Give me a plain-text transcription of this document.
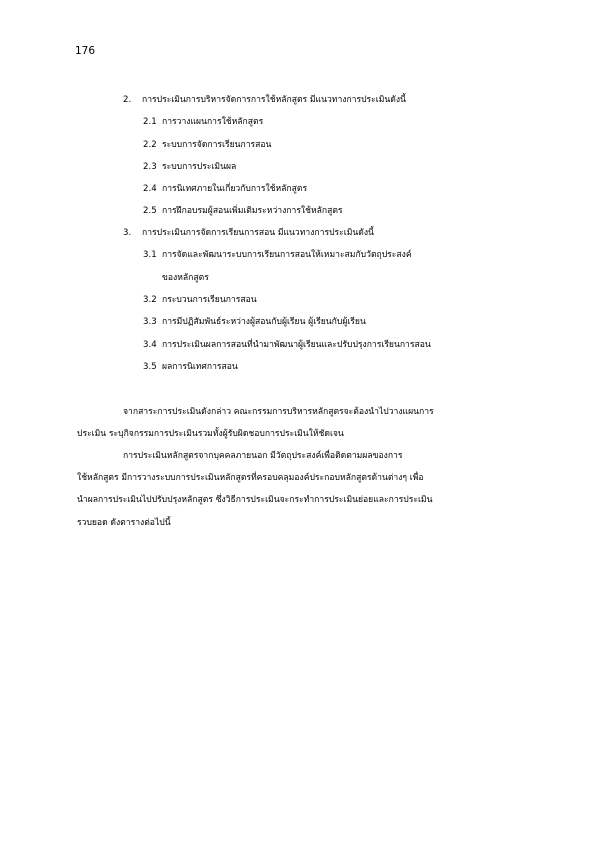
176
2. การประเมินการบริหารจัดการการใช้หลักสูตร มีแนวทางการประเมินดังนี้
2.1 การวางแผนการใช้หลักสูตร
2.2 ระบบการจัดการเรียนการสอน
2.3 ระบบการประเมินผล
2.4 การนิเทศภายในเกี่ยวกับการใช้หลักสูตร
2.5 การฝึกอบรมผู้สอนเพิ่มเติมระหว่างการใช้หลักสูตร
3. การประเมินการจัดการเรียนการสอน มีแนวทางการประเมินดังนี้
3.1 การจัดและพัฒนาระบบการเรียนการสอนให้เหมาะสมกับวัตถุประสงค์
ของหลักสูตร
3.2 กระบวนการเรียนการสอน
3.3 การมีปฏิสัมพันธ์ระหว่างผู้สอนกับผู้เรียน ผู้เรียนกับผู้เรียน
3.4 การประเมินผลการสอนที่นำมาพัฒนาผู้เรียนและปรับปรุงการเรียนการสอน
3.5 ผลการนิเทศการสอน
จากสาระการประเมินดังกล่าว คณะกรรมการบริหารหลักสูตรจะต้องนำไปวางแผนการ
ประเมิน ระบุกิจกรรมการประเมินรวมทั้งผู้รับผิดชอบการประเมินให้ชัดเจน
การประเมินหลักสูตรจากบุคคลภายนอก มีวัตถุประสงค์เพื่อติดตามผลของการ
ใช้หลักสูตร มีการวางระบบการประเมินหลักสูตรที่ครอบคลุมองค์ประกอบหลักสูตรด้านต่างๆ เพื่อ
นำผลการประเมินไปปรับปรุงหลักสูตร ซึ่งวิธีการประเมินจะกระทำการประเมินย่อยและการประเมิน
รวบยอด ดังตารางต่อไปนี้
